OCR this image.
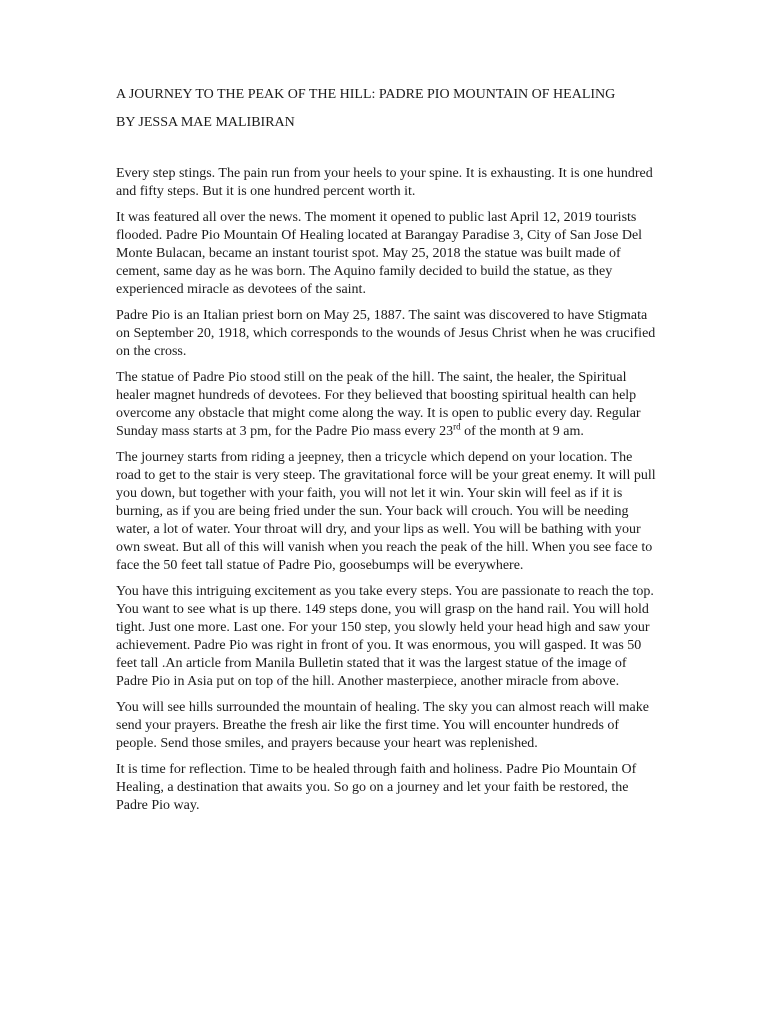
A JOURNEY TO THE PEAK OF THE HILL: PADRE PIO MOUNTAIN OF HEALING

BY JESSA MAE MALIBIRAN

Every step stings. The pain run from your heels to your spine. It is exhausting. It is one hundred and fifty steps. But it is one hundred percent worth it.

It was featured all over the news. The moment it opened to public last April 12, 2019 tourists flooded. Padre Pio Mountain Of Healing located at Barangay Paradise 3, City of San Jose Del Monte Bulacan, became an instant tourist spot. May 25, 2018 the statue was built made of cement, same day as he was born. The Aquino family decided to build the statue, as they experienced miracle as devotees of the saint.

Padre Pio is an Italian priest born on May 25, 1887. The saint was discovered to have Stigmata on September 20, 1918, which corresponds to the wounds of Jesus Christ when he was crucified on the cross.

The statue of Padre Pio stood still on the peak of the hill. The saint, the healer, the Spiritual healer magnet hundreds of devotees. For they believed that boosting spiritual health can help overcome any obstacle that might come along the way. It is open to public every day. Regular Sunday mass starts at 3 pm, for the Padre Pio mass every 23rd of the month at 9 am.

The journey starts from riding a jeepney, then a tricycle which depend on your location. The road to get to the stair is very steep. The gravitational force will be your great enemy. It will pull you down, but together with your faith, you will not let it win. Your skin will feel as if it is burning, as if you are being fried under the sun. Your back will crouch. You will be needing water, a lot of water. Your throat will dry, and your lips as well. You will be bathing with your own sweat. But all of this will vanish when you reach the peak of the hill. When you see face to face the 50 feet tall statue of Padre Pio, goosebumps will be everywhere.

You have this intriguing excitement as you take every steps. You are passionate to reach the top. You want to see what is up there. 149 steps done, you will grasp on the hand rail. You will hold tight. Just one more. Last one. For your 150 step, you slowly held your head high and saw your achievement. Padre Pio was right in front of you. It was enormous, you will gasped. It was 50 feet tall .An article from Manila Bulletin stated that it was the largest statue of the image of Padre Pio in Asia put on top of the hill. Another masterpiece, another miracle from above.

You will see hills surrounded the mountain of healing. The sky you can almost reach will make send your prayers. Breathe the fresh air like the first time. You will encounter hundreds of people. Send those smiles, and prayers because your heart was replenished.

It is time for reflection. Time to be healed through faith and holiness. Padre Pio Mountain Of Healing, a destination that awaits you. So go on a journey and let your faith be restored, the Padre Pio way.
